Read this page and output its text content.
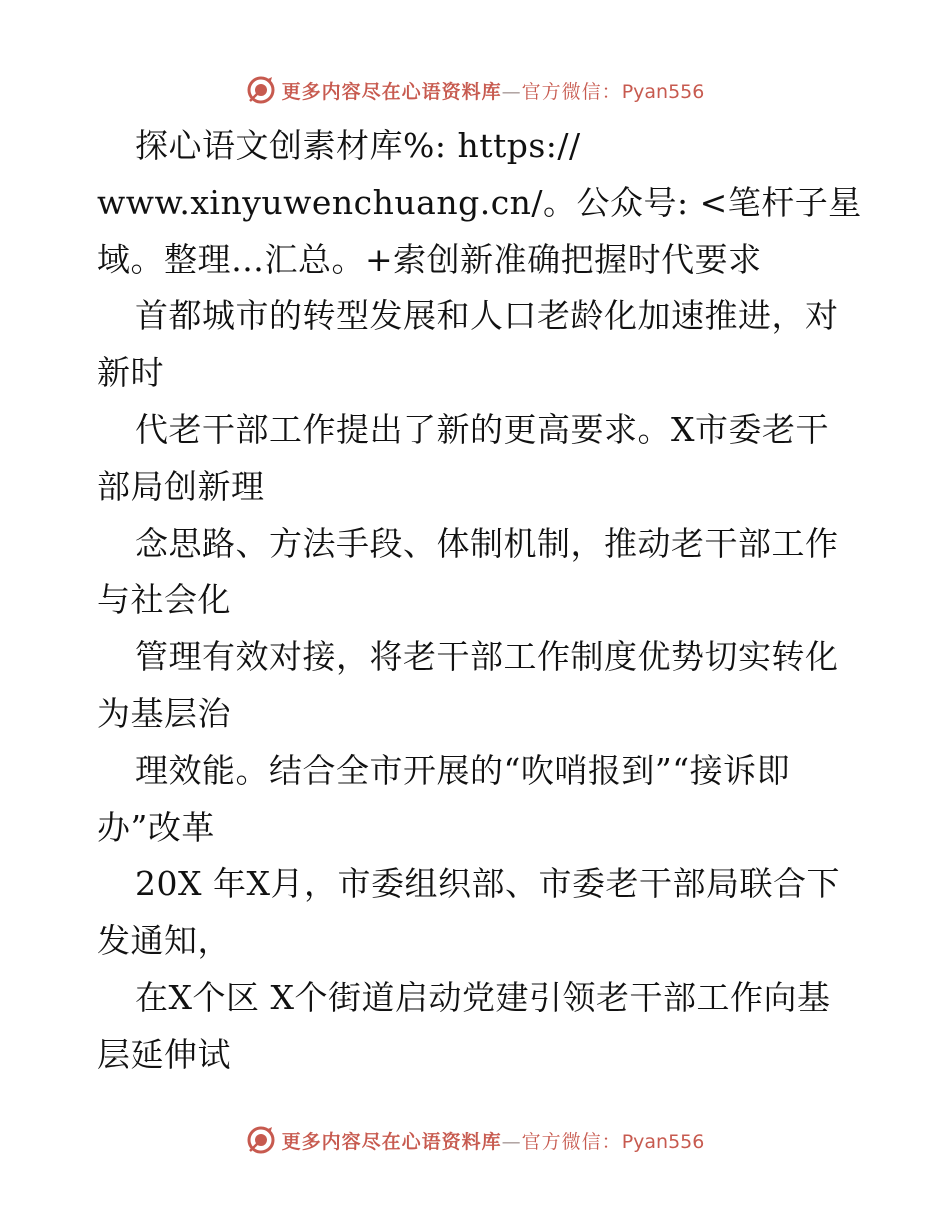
更多内容尽在心语资料库—官方微信：Pyan556
探心语文创素材库%: https://
www.xinyuwenchuang.cn/。公众号: <笔杆子星
域。整理…汇总。+索创新准确把握时代要求
首都城市的转型发展和人口老龄化加速推进，对
新时
代老干部工作提出了新的更高要求。X市委老干
部局创新理
念思路、方法手段、体制机制，推动老干部工作
与社会化
管理有效对接，将老干部工作制度优势切实转化
为基层治
理效能。结合全市开展的“吹哨报到”“接诉即
办”改革
20X 年X月，市委组织部、市委老干部局联合下
发通知，
在X个区 X个街道启动党建引领老干部工作向基
层延伸试
更多内容尽在心语资料库—官方微信：Pyan556
